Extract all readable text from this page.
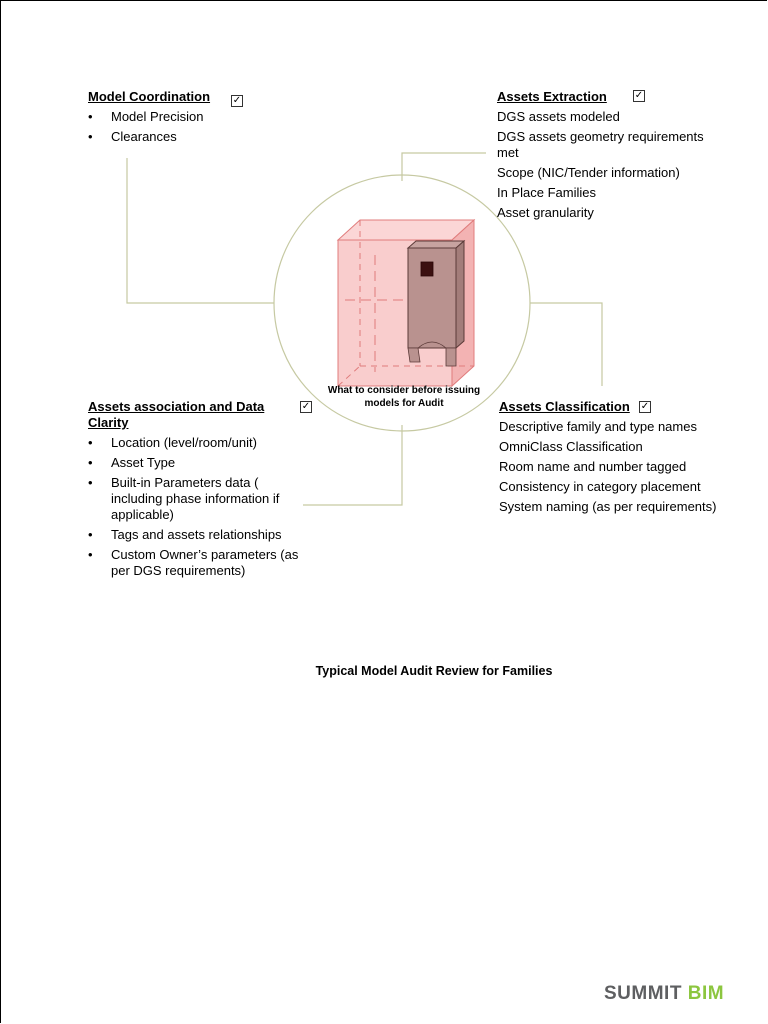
Model Coordination ✓
• Model Precision
• Clearances
Assets Extraction	✓
DGS assets modeled
DGS assets geometry requirements met
Scope (NIC/Tender information)
In Place Families
Asset granularity
Assets association and Data Clarity
✓
• Location (level/room/unit)
• Asset Type
• Built-in Parameters data ( including phase information if applicable)
• Tags and assets relationships
• Custom Owner’s parameters (as per DGS requirements)
Assets Classification ✓
Descriptive family and type names
OmniClass Classification
Room name and number tagged
Consistency in category placement
System naming (as per requirements)
What to consider before issuing
models for Audit
Typical Model Audit Review for Families
SUMMIT BIM
